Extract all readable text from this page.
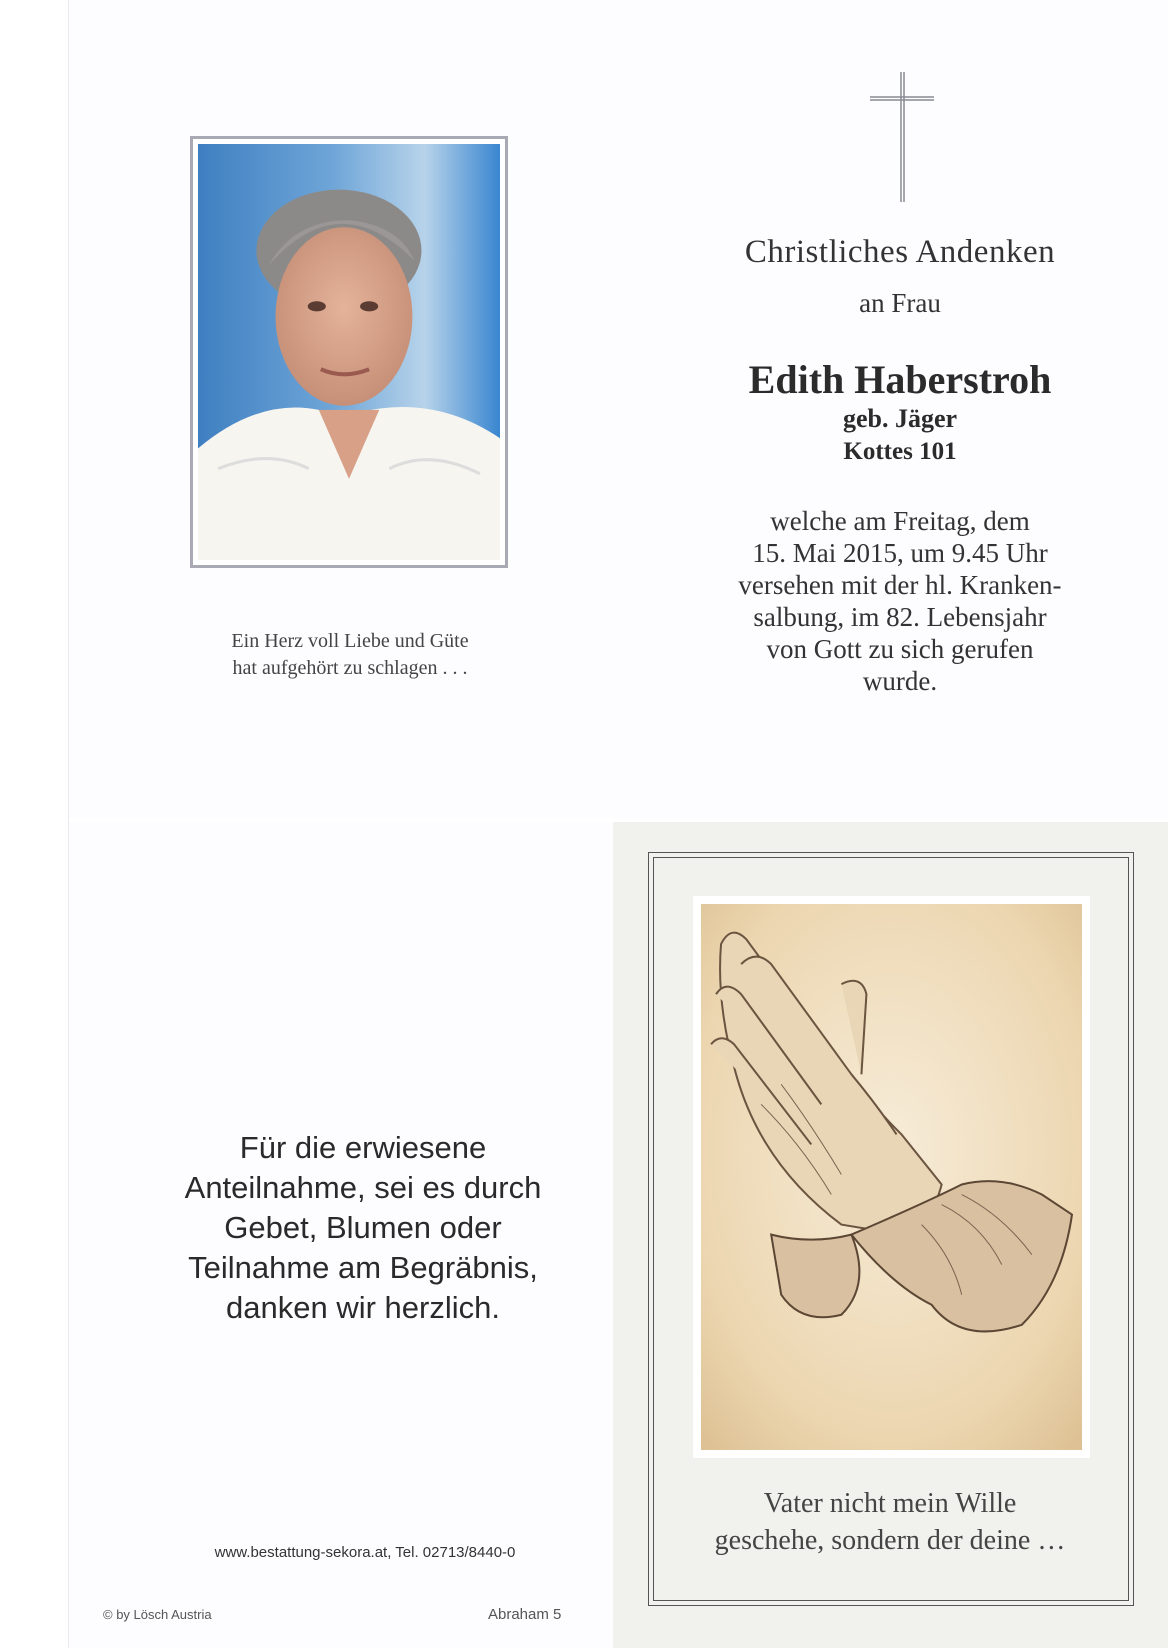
Christliches Andenken
an Frau
Edith Haberstroh
geb. Jäger
Kottes 101
welche am Freitag, dem
15. Mai 2015, um 9.45 Uhr
versehen mit der hl. Kranken-
salbung, im 82. Lebensjahr
von Gott zu sich gerufen
wurde.
Ein Herz voll Liebe und Güte
hat aufgehört zu schlagen . . .
Für die erwiesene
Anteilnahme, sei es durch
Gebet, Blumen oder
Teilnahme am Begräbnis,
danken wir herzlich.
www.bestattung-sekora.at, Tel. 02713/8440-0
© by Lösch Austria	Abraham 5
Vater nicht mein Wille
geschehe, sondern der deine …
